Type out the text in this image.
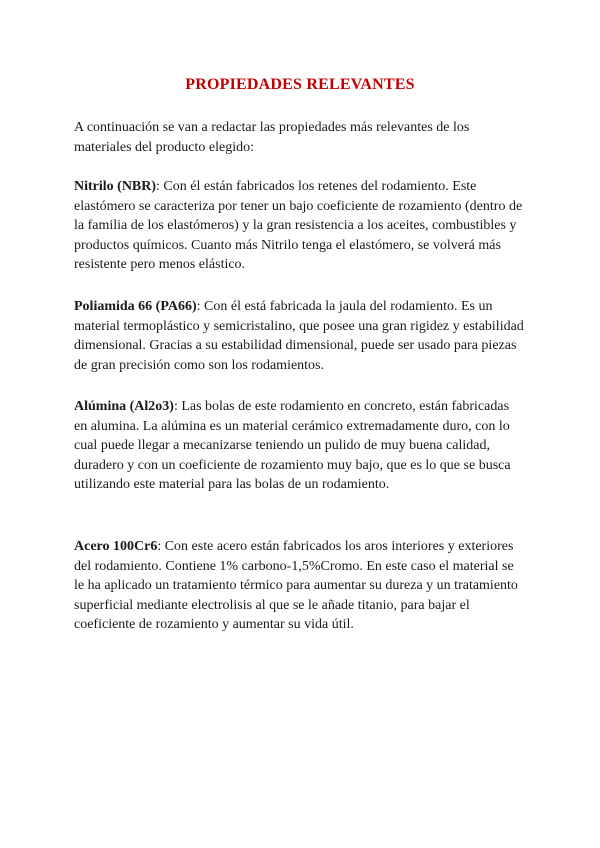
PROPIEDADES RELEVANTES

A continuación se van a redactar las propiedades más relevantes de los materiales del producto elegido:

Nitrilo (NBR): Con él están fabricados los retenes del rodamiento. Este elastómero se caracteriza por tener un bajo coeficiente de rozamiento (dentro de la familia de los elastómeros) y la gran resistencia a los aceites, combustibles y productos químicos. Cuanto más Nitrilo tenga el elastómero, se volverá más resistente pero menos elástico.

Poliamida 66 (PA66): Con él está fabricada la jaula del rodamiento. Es un material termoplástico y semicristalino, que posee una gran rigidez y estabilidad dimensional. Gracias a su estabilidad dimensional, puede ser usado para piezas de gran precisión como son los rodamientos.

Alúmina (Al2o3): Las bolas de este rodamiento en concreto, están fabricadas en alumina. La alúmina es un material cerámico extremadamente duro, con lo cual puede llegar a mecanizarse teniendo un pulido de muy buena calidad, duradero y con un coeficiente de rozamiento muy bajo, que es lo que se busca utilizando este material para las bolas de un rodamiento.

Acero 100Cr6: Con este acero están fabricados los aros interiores y exteriores del rodamiento. Contiene 1% carbono-1,5%Cromo. En este caso el material se le ha aplicado un tratamiento térmico para aumentar su dureza y un tratamiento superficial mediante electrolisis al que se le añade titanio, para bajar el coeficiente de rozamiento y aumentar su vida útil.
